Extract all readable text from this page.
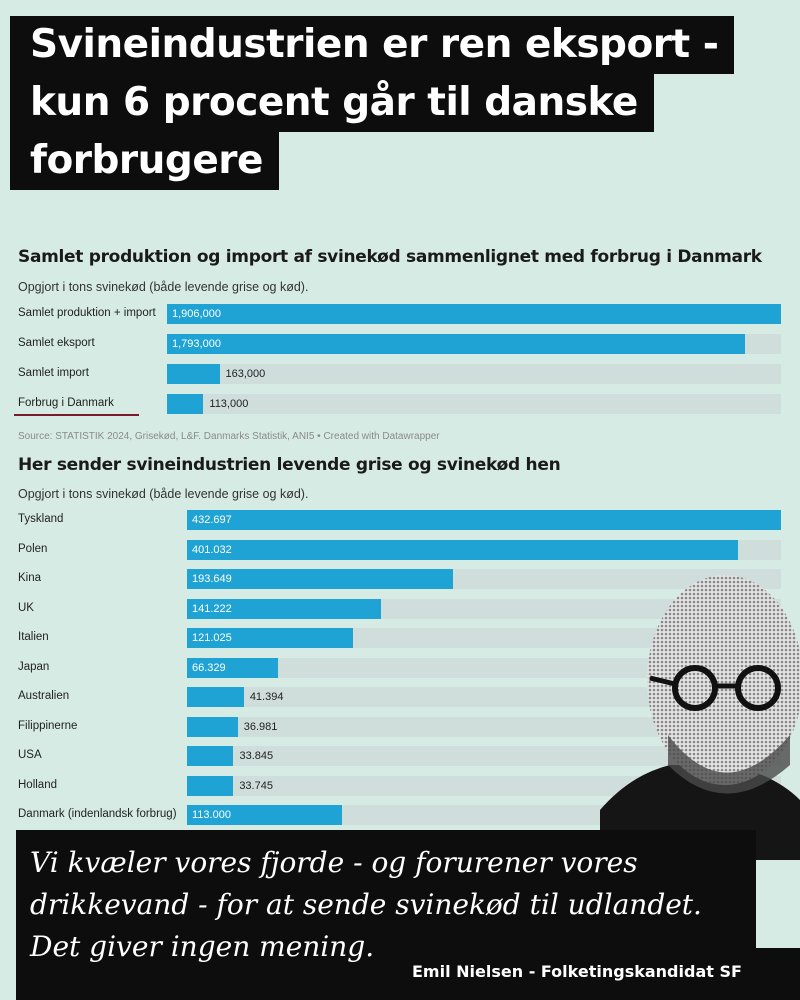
Svineindustrien er ren eksport -
kun 6 procent går til danske
forbrugere
Samlet produktion og import af svinekød sammenlignet med forbrug i Danmark
Opgjort i tons svinekød (både levende grise og kød).
Samlet produktion + import 1,906,000
Samlet eksport	1,793,000
Samlet import	163,000
Forbrug i Danmark	113,000
Source: STATISTIK 2024, Grisekød, L&F. Danmarks Statistik, ANI5 • Created with Datawrapper
Her sender svineindustrien levende grise og svinekød hen
Opgjort i tons svinekød (både levende grise og kød).
Tyskland	432.697
Polen	401.032
Kina	193.649
UK	141.222
Italien	121.025
Japan	66.329
Australien	41.394
Filippinerne	36.981
USA	33.845
Holland	33.745
Danmark (indenlandsk forbrug) 113.000
Vi kvæler vores fjorde - og forurener vores drikkevand - for at sende svinekød til udlandet. Det giver ingen mening.
Emil Nielsen - Folketingskandidat SF
